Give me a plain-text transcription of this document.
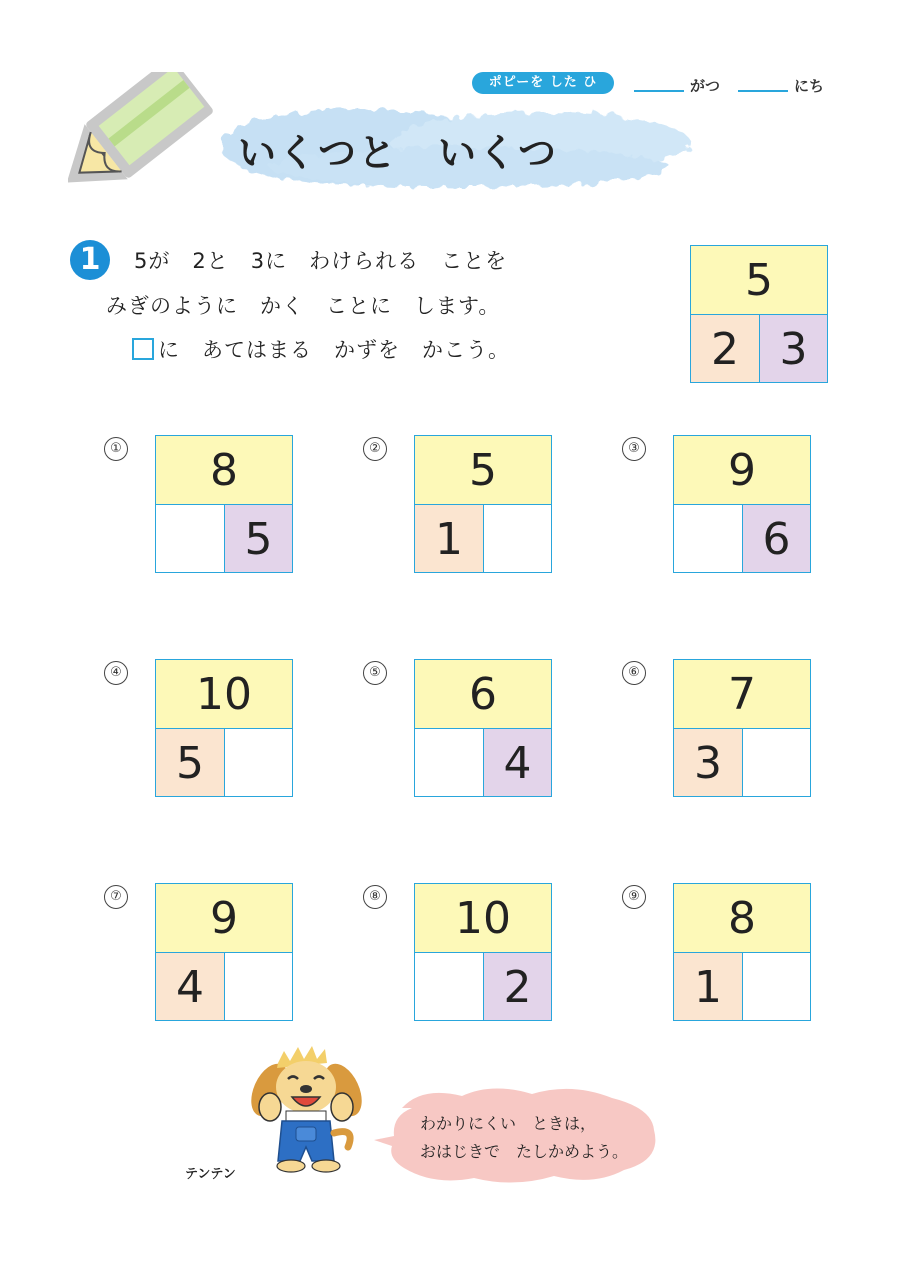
ポピーを した ひ	がつ	にち
いくつと　いくつ
1	5が　2と　3に　わけられる　ことを
みぎのように　かく　ことに　します。
に　あてはまる　かずを　かこう。
5
2 3
①	8
5
②	5
1
③	9
6
④	10
5
⑤	6
4
⑥	7
3
⑦	9
4
⑧	10
2
⑨	8
1
テンテン
わかりにくい　ときは，
おはじきで　たしかめよう。
